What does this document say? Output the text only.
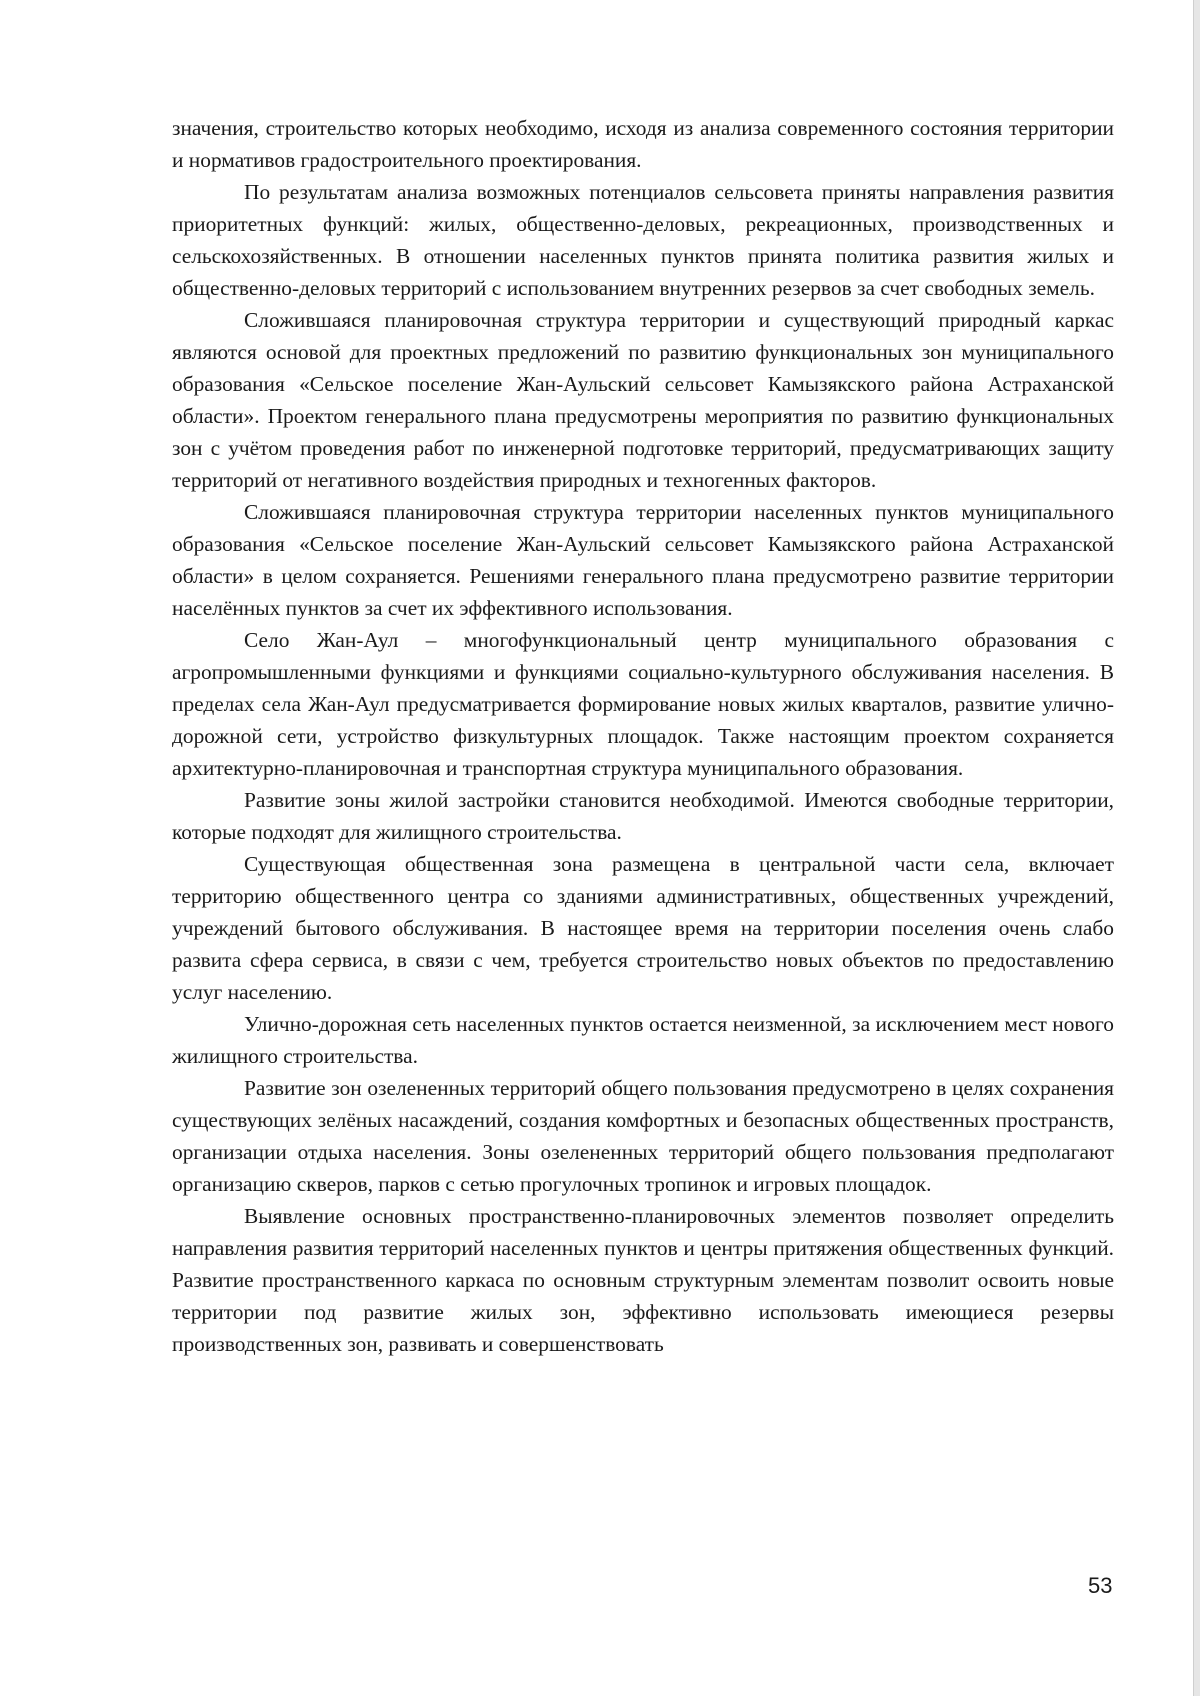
значения, строительство которых необходимо, исходя из анализа современного состояния территории и нормативов градостроительного проектирования.

По результатам анализа возможных потенциалов сельсовета приняты направления развития приоритетных функций: жилых, общественно-деловых, рекреационных, производственных и сельскохозяйственных. В отношении населенных пунктов принята политика развития жилых и общественно-деловых территорий с использованием внутренних резервов за счет свободных земель.

Сложившаяся планировочная структура территории и существующий природный каркас являются основой для проектных предложений по развитию функциональных зон муниципального образования «Сельское поселение Жан-Аульский сельсовет Камызякского района Астраханской области». Проектом генерального плана предусмотрены мероприятия по развитию функциональных зон с учётом проведения работ по инженерной подготовке территорий, предусматривающих защиту территорий от негативного воздействия природных и техногенных факторов.

Сложившаяся планировочная структура территории населенных пунктов муниципального образования «Сельское поселение Жан-Аульский сельсовет Камызякского района Астраханской области» в целом сохраняется. Решениями генерального плана предусмотрено развитие территории населённых пунктов за счет их эффективного использования.

Село Жан-Аул – многофункциональный центр муниципального образования с агропромышленными функциями и функциями социально-культурного обслуживания населения. В пределах села Жан-Аул предусматривается формирование новых жилых кварталов, развитие улично-дорожной сети, устройство физкультурных площадок. Также настоящим проектом сохраняется архитектурно-планировочная и транспортная структура муниципального образования.

Развитие зоны жилой застройки становится необходимой. Имеются свободные территории, которые подходят для жилищного строительства.

Существующая общественная зона размещена в центральной части села, включает территорию общественного центра со зданиями административных, общественных учреждений, учреждений бытового обслуживания. В настоящее время на территории поселения очень слабо развита сфера сервиса, в связи с чем, требуется строительство новых объектов по предоставлению услуг населению.

Улично-дорожная сеть населенных пунктов остается неизменной, за исключением мест нового жилищного строительства.

Развитие зон озелененных территорий общего пользования предусмотрено в целях сохранения существующих зелёных насаждений, создания комфортных и безопасных общественных пространств, организации отдыха населения. Зоны озелененных территорий общего пользования предполагают организацию скверов, парков с сетью прогулочных тропинок и игровых площадок.

Выявление основных пространственно-планировочных элементов позволяет определить направления развития территорий населенных пунктов и центры притяжения общественных функций. Развитие пространственного каркаса по основным структурным элементам позволит освоить новые территории под развитие жилых зон, эффективно использовать имеющиеся резервы производственных зон, развивать и совершенствовать

53
